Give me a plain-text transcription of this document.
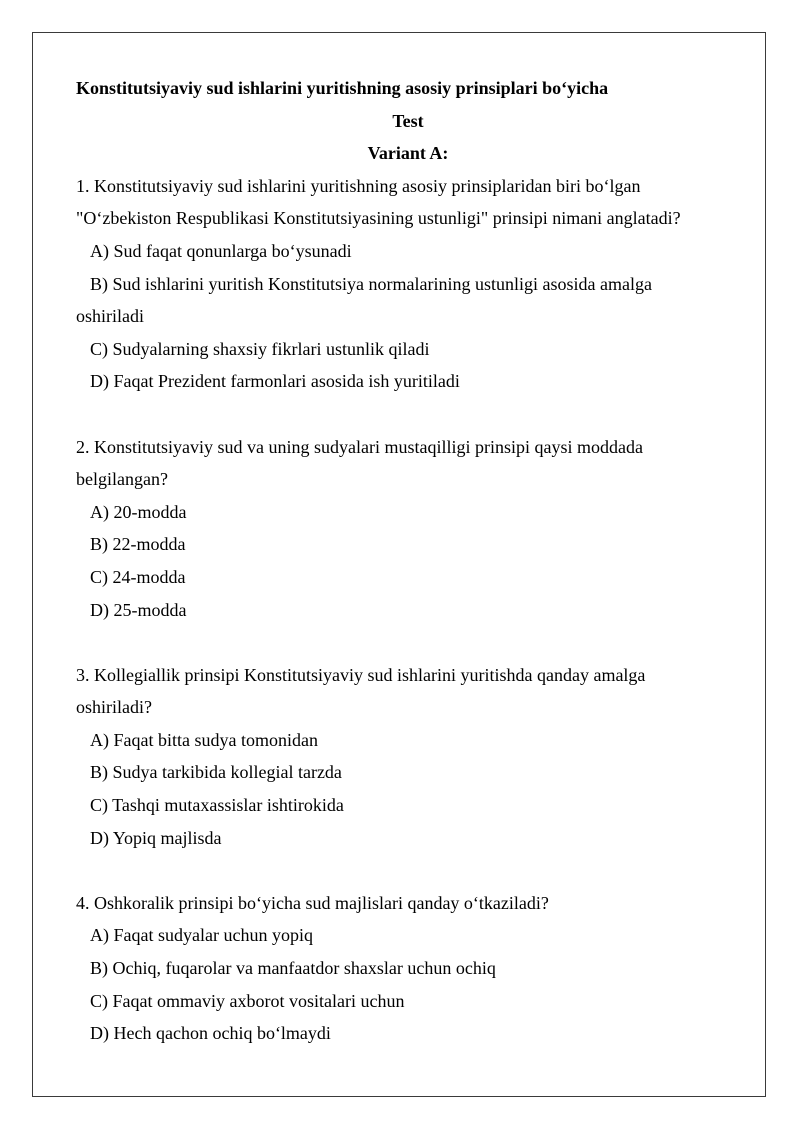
Konstitutsiyaviy sud ishlarini yuritishning asosiy prinsiplari bo‘yicha
Test
Variant A:
1. Konstitutsiyaviy sud ishlarini yuritishning asosiy prinsiplaridan biri bo‘lgan
"O‘zbekiston Respublikasi Konstitutsiyasining ustunligi" prinsipi nimani anglatadi?
A) Sud faqat qonunlarga bo‘ysunadi
B) Sud ishlarini yuritish Konstitutsiya normalarining ustunligi asosida amalga
oshiriladi
C) Sudyalarning shaxsiy fikrlari ustunlik qiladi
D) Faqat Prezident farmonlari asosida ish yuritiladi
2. Konstitutsiyaviy sud va uning sudyalari mustaqilligi prinsipi qaysi moddada
belgilangan?
A) 20-modda
B) 22-modda
C) 24-modda
D) 25-modda
3. Kollegiallik prinsipi Konstitutsiyaviy sud ishlarini yuritishda qanday amalga
oshiriladi?
A) Faqat bitta sudya tomonidan
B) Sudya tarkibida kollegial tarzda
C) Tashqi mutaxassislar ishtirokida
D) Yopiq majlisda
4. Oshkoralik prinsipi bo‘yicha sud majlislari qanday o‘tkaziladi?
A) Faqat sudyalar uchun yopiq
B) Ochiq, fuqarolar va manfaatdor shaxslar uchun ochiq
C) Faqat ommaviy axborot vositalari uchun
D) Hech qachon ochiq bo‘lmaydi
